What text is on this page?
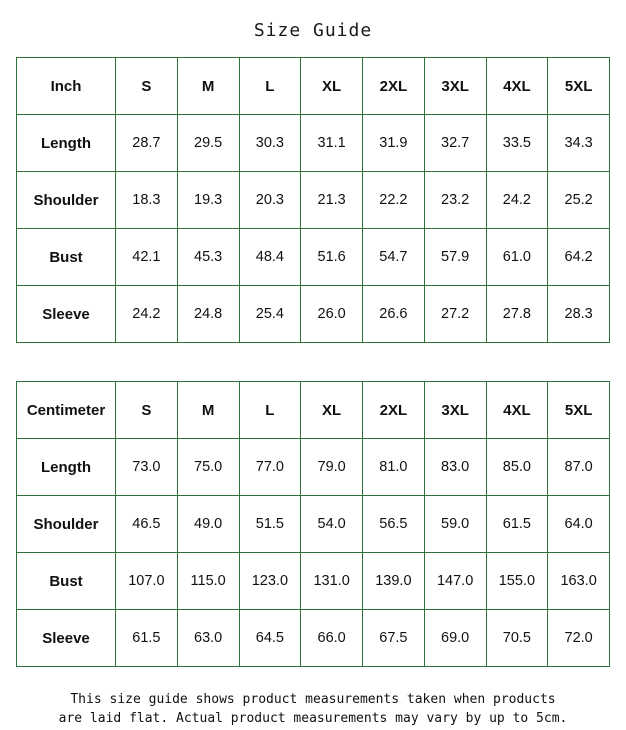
Size Guide
Inch	S	M	L	XL	2XL	3XL	4XL	5XL
Length	28.7	29.5	30.3	31.1	31.9	32.7	33.5	34.3
Shoulder	18.3	19.3	20.3	21.3	22.2	23.2	24.2	25.2
Bust	42.1	45.3	48.4	51.6	54.7	57.9	61.0	64.2
Sleeve	24.2	24.8	25.4	26.0	26.6	27.2	27.8	28.3
Centimeter	S	M	L	XL	2XL	3XL	4XL	5XL
Length	73.0	75.0	77.0	79.0	81.0	83.0	85.0	87.0
Shoulder	46.5	49.0	51.5	54.0	56.5	59.0	61.5	64.0
Bust	107.0	115.0	123.0	131.0	139.0	147.0	155.0	163.0
Sleeve	61.5	63.0	64.5	66.0	67.5	69.0	70.5	72.0
This size guide shows product measurements taken when products
are laid flat. Actual product measurements may vary by up to 5cm.
